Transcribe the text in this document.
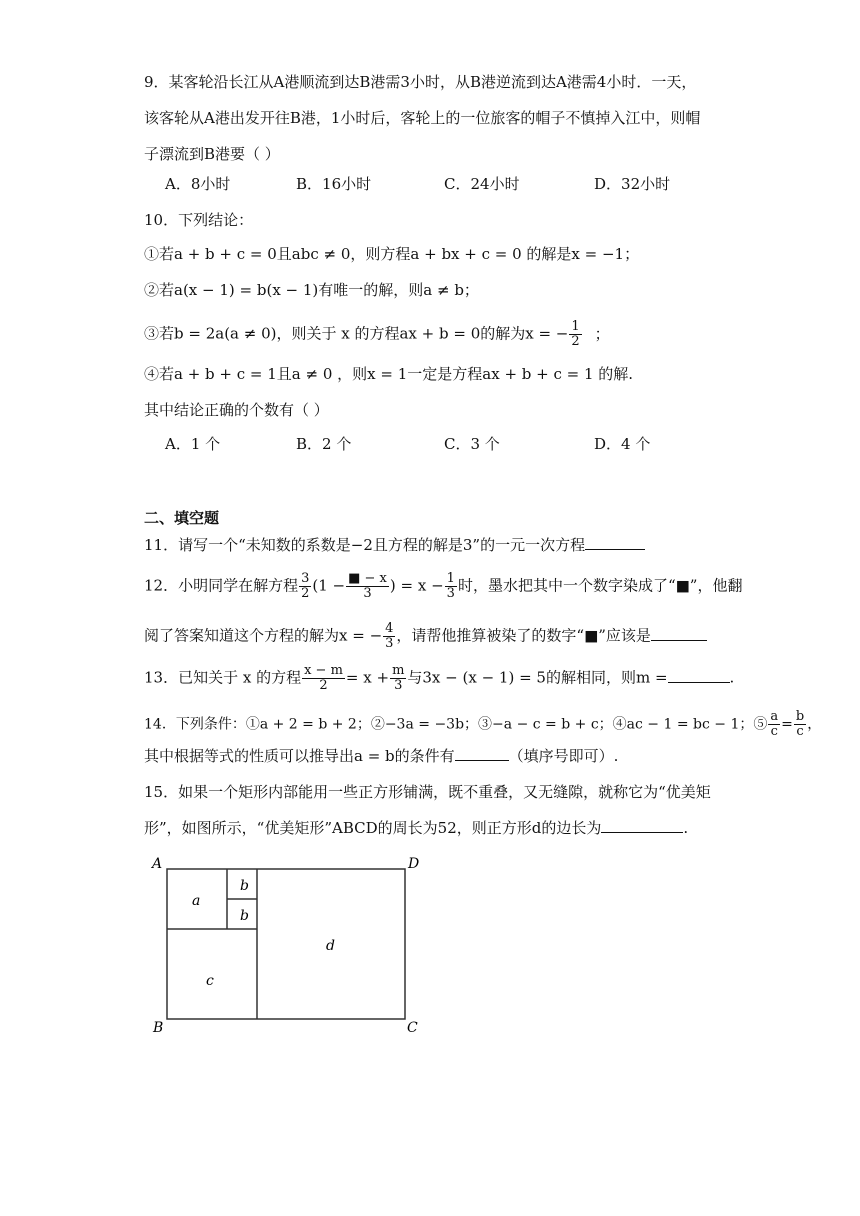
9．某客轮沿长江从A港顺流到达B港需3小时，从B港逆流到达A港需4小时．一天，
该客轮从A港出发开往B港，1小时后，客轮上的一位旅客的帽子不慎掉入江中，则帽
子漂流到B港要（ ）
A．8小时	B．16小时	C．24小时	D．32小时
10．下列结论：
①若a + b + c = 0且abc ≠ 0，则方程a + bx + c = 0 的解是x = −1；
②若a(x − 1) = b(x − 1)有唯一的解，则a ≠ b；
③若b = 2a(a ≠ 0)，则关于 x 的方程ax + b = 0的解为x = − $\frac{1}{2}$ ；
④若a + b + c = 1且a ≠ 0 ，则x = 1一定是方程ax + b + c = 1 的解.
其中结论正确的个数有（ ）
A．1 个	B．2 个	C．3 个	D．4 个
二、填空题
11．请写一个“未知数的系数是−2且方程的解是3”的一元一次方程
12．小明同学在解方程 $\frac{3}{2} (1 - \frac{■ - x}{3}$ ) = $x - \frac{1}{3}$ 时，墨水把其中一个数字染成了“■”，他翻
阅了答案知道这个方程的解为x = − $\frac{4}{3}$ ，请帮他推算被染了的数字“■”应该是
13．已知关于 x 的方程 $\frac{x - m}{2} = x + \frac{m}{3}$ 与3x − (x − 1) = 5的解相同，则m =	.
14．下列条件：①a + 2 = b + 2；②−3a = −3b；③−a − c = b + c；④ac − 1 = bc − 1；⑤ $\frac{a}{c} = \frac{b}{c}$ ，
其中根据等式的性质可以推导出a = b的条件有	（填序号即可）.
15．如果一个矩形内部能用一些正方形铺满，既不重叠，又无缝隙，就称它为“优美矩
形”，如图所示，“优美矩形”ABCD的周长为52，则正方形d的边长为	.
A	D
B	C
a
b
b
c
d
